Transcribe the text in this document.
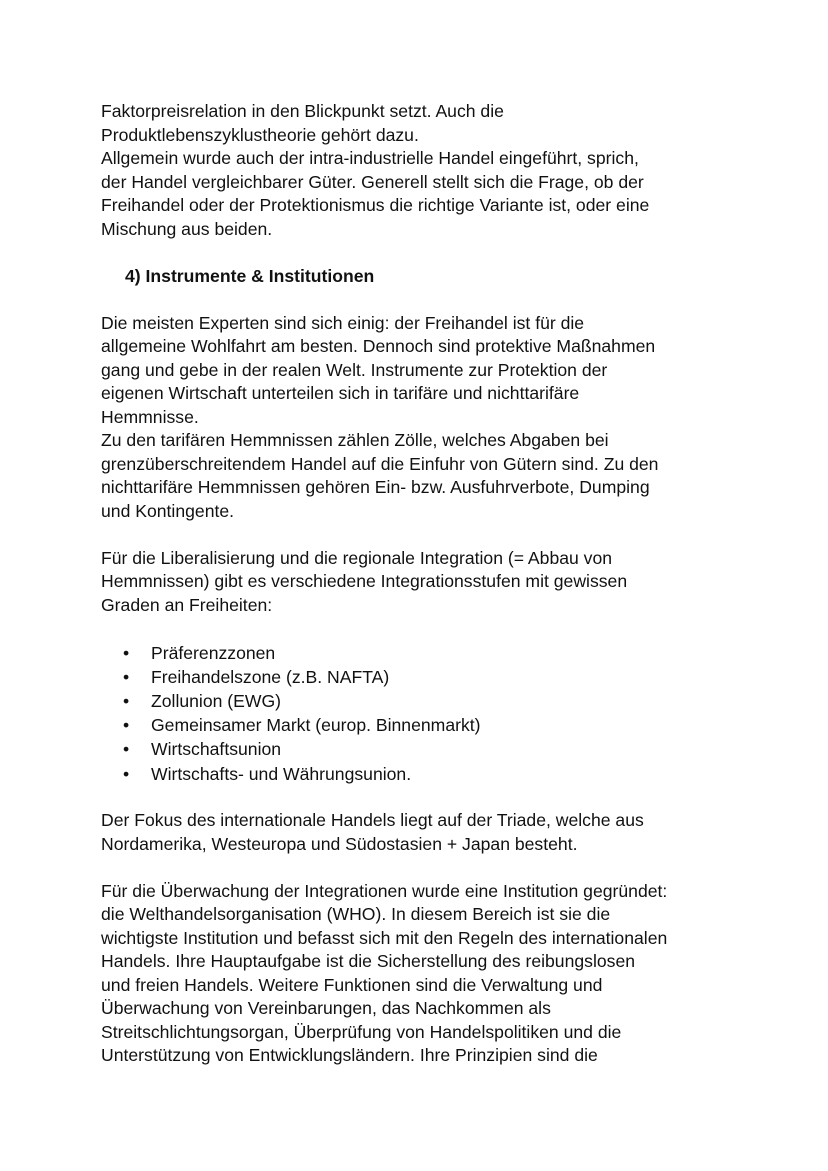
Faktorpreisrelation in den Blickpunkt setzt. Auch die
Produktlebenszyklustheorie gehört dazu.
Allgemein wurde auch der intra-industrielle Handel eingeführt, sprich,
der Handel vergleichbarer Güter. Generell stellt sich die Frage, ob der
Freihandel oder der Protektionismus die richtige Variante ist, oder eine
Mischung aus beiden.

4) Instrumente & Institutionen

Die meisten Experten sind sich einig: der Freihandel ist für die
allgemeine Wohlfahrt am besten. Dennoch sind protektive Maßnahmen
gang und gebe in der realen Welt. Instrumente zur Protektion der
eigenen Wirtschaft unterteilen sich in tarifäre und nichttarifäre
Hemmnisse.
Zu den tarifären Hemmnissen zählen Zölle, welches Abgaben bei
grenzüberschreitendem Handel auf die Einfuhr von Gütern sind. Zu den
nichttarifäre Hemmnissen gehören Ein- bzw. Ausfuhrverbote, Dumping
und Kontingente.

Für die Liberalisierung und die regionale Integration (= Abbau von
Hemmnissen) gibt es verschiedene Integrationsstufen mit gewissen
Graden an Freiheiten:

• Präferenzzonen
• Freihandelszone (z.B. NAFTA)
• Zollunion (EWG)
• Gemeinsamer Markt (europ. Binnenmarkt)
• Wirtschaftsunion
• Wirtschafts- und Währungsunion.

Der Fokus des internationale Handels liegt auf der Triade, welche aus
Nordamerika, Westeuropa und Südostasien + Japan besteht.

Für die Überwachung der Integrationen wurde eine Institution gegründet:
die Welthandelsorganisation (WHO). In diesem Bereich ist sie die
wichtigste Institution und befasst sich mit den Regeln des internationalen
Handels. Ihre Hauptaufgabe ist die Sicherstellung des reibungslosen
und freien Handels. Weitere Funktionen sind die Verwaltung und
Überwachung von Vereinbarungen, das Nachkommen als
Streitschlichtungsorgan, Überprüfung von Handelspolitiken und die
Unterstützung von Entwicklungsländern. Ihre Prinzipien sind die
